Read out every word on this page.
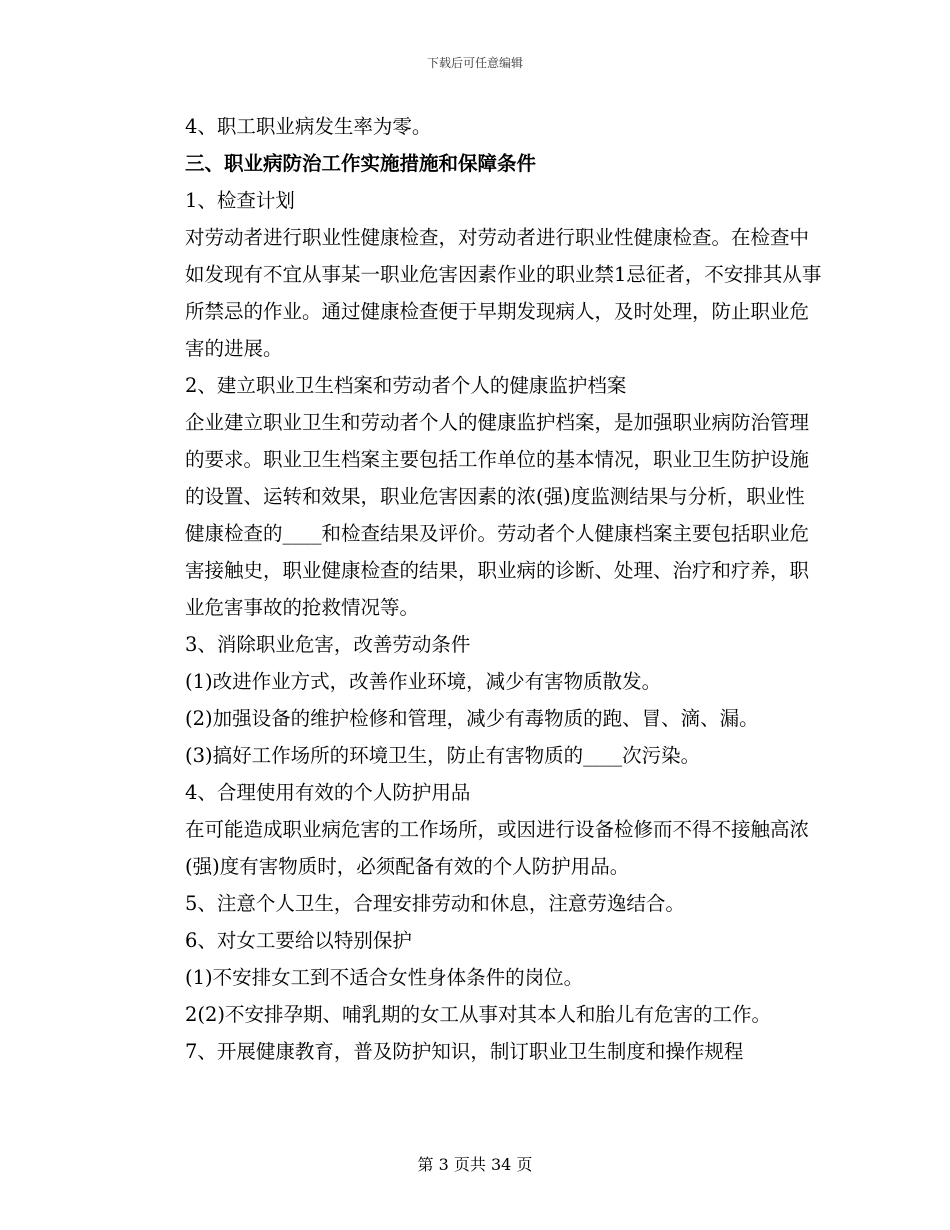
下载后可任意编辑

4、职工职业病发生率为零。

三、职业病防治工作实施措施和保障条件

1、检查计划

对劳动者进行职业性健康检查，对劳动者进行职业性健康检查。在检查中如发现有不宜从事某一职业危害因素作业的职业禁1忌征者，不安排其从事所禁忌的作业。通过健康检查便于早期发现病人，及时处理，防止职业危害的进展。

2、建立职业卫生档案和劳动者个人的健康监护档案

企业建立职业卫生和劳动者个人的健康监护档案，是加强职业病防治管理的要求。职业卫生档案主要包括工作单位的基本情况，职业卫生防护设施的设置、运转和效果，职业危害因素的浓(强)度监测结果与分析，职业性健康检查的____和检查结果及评价。劳动者个人健康档案主要包括职业危害接触史，职业健康检查的结果，职业病的诊断、处理、治疗和疗养，职业危害事故的抢救情况等。

3、消除职业危害，改善劳动条件

(1)改进作业方式，改善作业环境，减少有害物质散发。

(2)加强设备的维护检修和管理，减少有毒物质的跑、冒、滴、漏。

(3)搞好工作场所的环境卫生，防止有害物质的____次污染。

4、合理使用有效的个人防护用品

在可能造成职业病危害的工作场所，或因进行设备检修而不得不接触高浓(强)度有害物质时，必须配备有效的个人防护用品。

5、注意个人卫生，合理安排劳动和休息，注意劳逸结合。

6、对女工要给以特别保护

(1)不安排女工到不适合女性身体条件的岗位。

2(2)不安排孕期、哺乳期的女工从事对其本人和胎儿有危害的工作。

7、开展健康教育，普及防护知识，制订职业卫生制度和操作规程

第 3 页共 34 页
